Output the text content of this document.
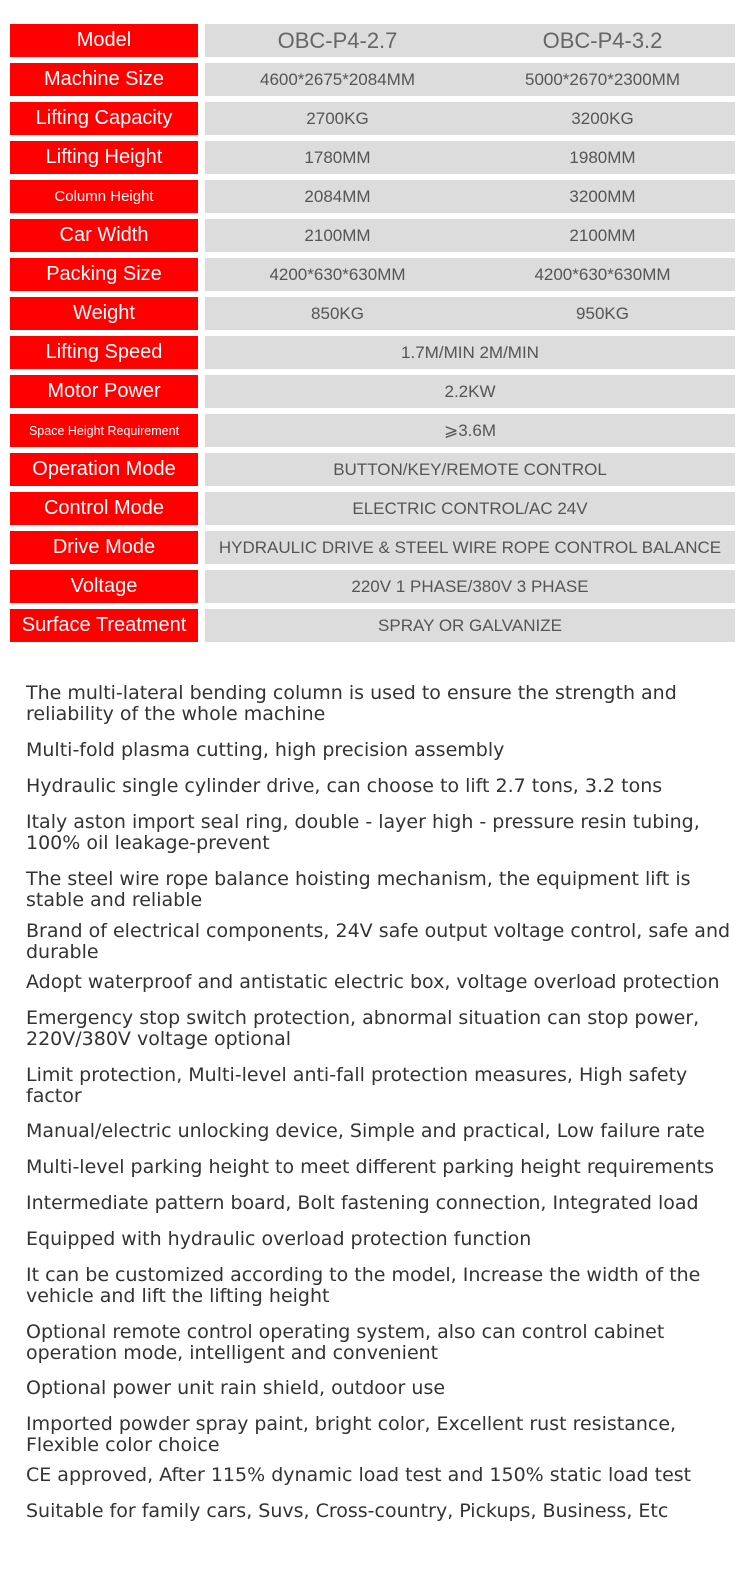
Model	OBC-P4-2.7	OBC-P4-3.2
Machine Size	4600*2675*2084MM	5000*2670*2300MM
Lifting Capacity	2700KG	3200KG
Lifting Height	1780MM	1980MM
Column Height	2084MM	3200MM
Car Width	2100MM	2100MM
Packing Size	4200*630*630MM	4200*630*630MM
Weight	850KG	950KG
Lifting Speed	1.7M/MIN 2M/MIN
Motor Power	2.2KW
Space Height Requirement	⩾3.6M
Operation Mode	BUTTON/KEY/REMOTE CONTROL
Control Mode	ELECTRIC CONTROL/AC 24V
Drive Mode	HYDRAULIC DRIVE & STEEL WIRE ROPE CONTROL BALANCE
Voltage	220V 1 PHASE/380V 3 PHASE
Surface Treatment	SPRAY OR GALVANIZE
The multi-lateral bending column is used to ensure the strength and reliability of the whole machine
Multi-fold plasma cutting, high precision assembly
Hydraulic single cylinder drive, can choose to lift 2.7 tons, 3.2 tons
Italy aston import seal ring, double - layer high - pressure resin tubing, 100% oil leakage-prevent
The steel wire rope balance hoisting mechanism, the equipment lift is stable and reliable
Brand of electrical components, 24V safe output voltage control, safe and durable
Adopt waterproof and antistatic electric box, voltage overload protection
Emergency stop switch protection, abnormal situation can stop power, 220V/380V voltage optional
Limit protection, Multi-level anti-fall protection measures, High safety factor
Manual/electric unlocking device, Simple and practical, Low failure rate
Multi-level parking height to meet different parking height requirements
Intermediate pattern board, Bolt fastening connection, Integrated load
Equipped with hydraulic overload protection function
It can be customized according to the model, Increase the width of the vehicle and lift the lifting height
Optional remote control operating system, also can control cabinet operation mode, intelligent and convenient
Optional power unit rain shield, outdoor use
Imported powder spray paint, bright color, Excellent rust resistance, Flexible color choice
CE approved, After 115% dynamic load test and 150% static load test
Suitable for family cars, Suvs, Cross-country, Pickups, Business, Etc
